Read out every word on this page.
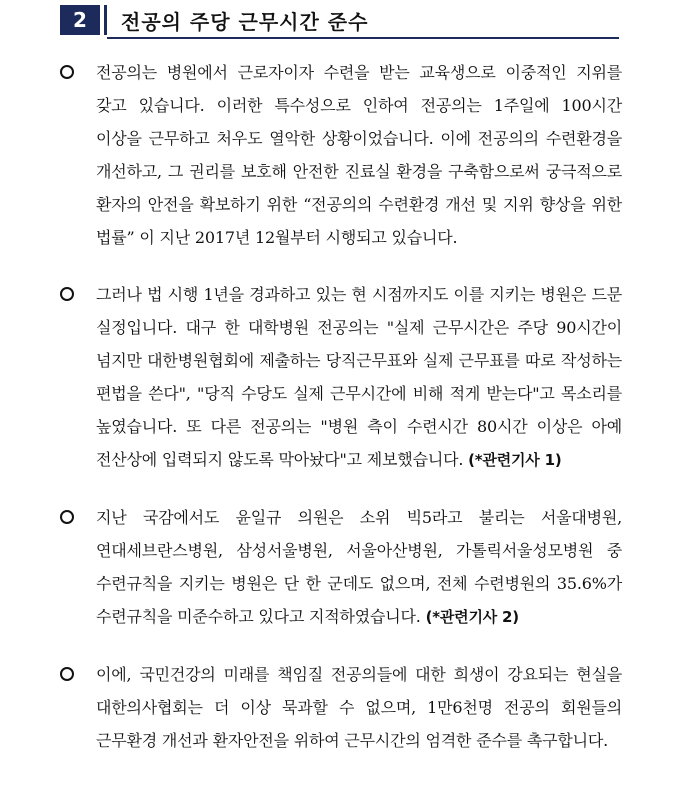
2	전공의 주당 근무시간 준수
전공의는 병원에서 근로자이자 수련을 받는 교육생으로 이중적인 지위를 갖고 있습니다. 이러한 특수성으로 인하여 전공의는 1주일에 100시간 이상을 근무하고 처우도 열악한 상황이었습니다. 이에 전공의의 수련환경을 개선하고, 그 권리를 보호해 안전한 진료실 환경을 구축함으로써 궁극적으로 환자의 안전을 확보하기 위한 “전공의의 수련환경 개선 및 지위 향상을 위한 법률” 이 지난 2017년 12월부터 시행되고 있습니다.
그러나 법 시행 1년을 경과하고 있는 현 시점까지도 이를 지키는 병원은 드문 실정입니다. 대구 한 대학병원 전공의는 "실제 근무시간은 주당 90시간이 넘지만 대한병원협회에 제출하는 당직근무표와 실제 근무표를 따로 작성하는 편법을 쓴다", "당직 수당도 실제 근무시간에 비해 적게 받는다"고 목소리를 높였습니다. 또 다른 전공의는 "병원 측이 수련시간 80시간 이상은 아예 전산상에 입력되지 않도록 막아놨다"고 제보했습니다. (*관련기사 1)
지난 국감에서도 윤일규 의원은 소위 빅5라고 불리는 서울대병원, 연대세브란스병원, 삼성서울병원, 서울아산병원, 가톨릭서울성모병원 중 수련규칙을 지키는 병원은 단 한 군데도 없으며, 전체 수련병원의 35.6%가 수련규칙을 미준수하고 있다고 지적하였습니다. (*관련기사 2)
이에, 국민건강의 미래를 책임질 전공의들에 대한 희생이 강요되는 현실을 대한의사협회는 더 이상 묵과할 수 없으며, 1만6천명 전공의 회원들의 근무환경 개선과 환자안전을 위하여 근무시간의 엄격한 준수를 촉구합니다.
